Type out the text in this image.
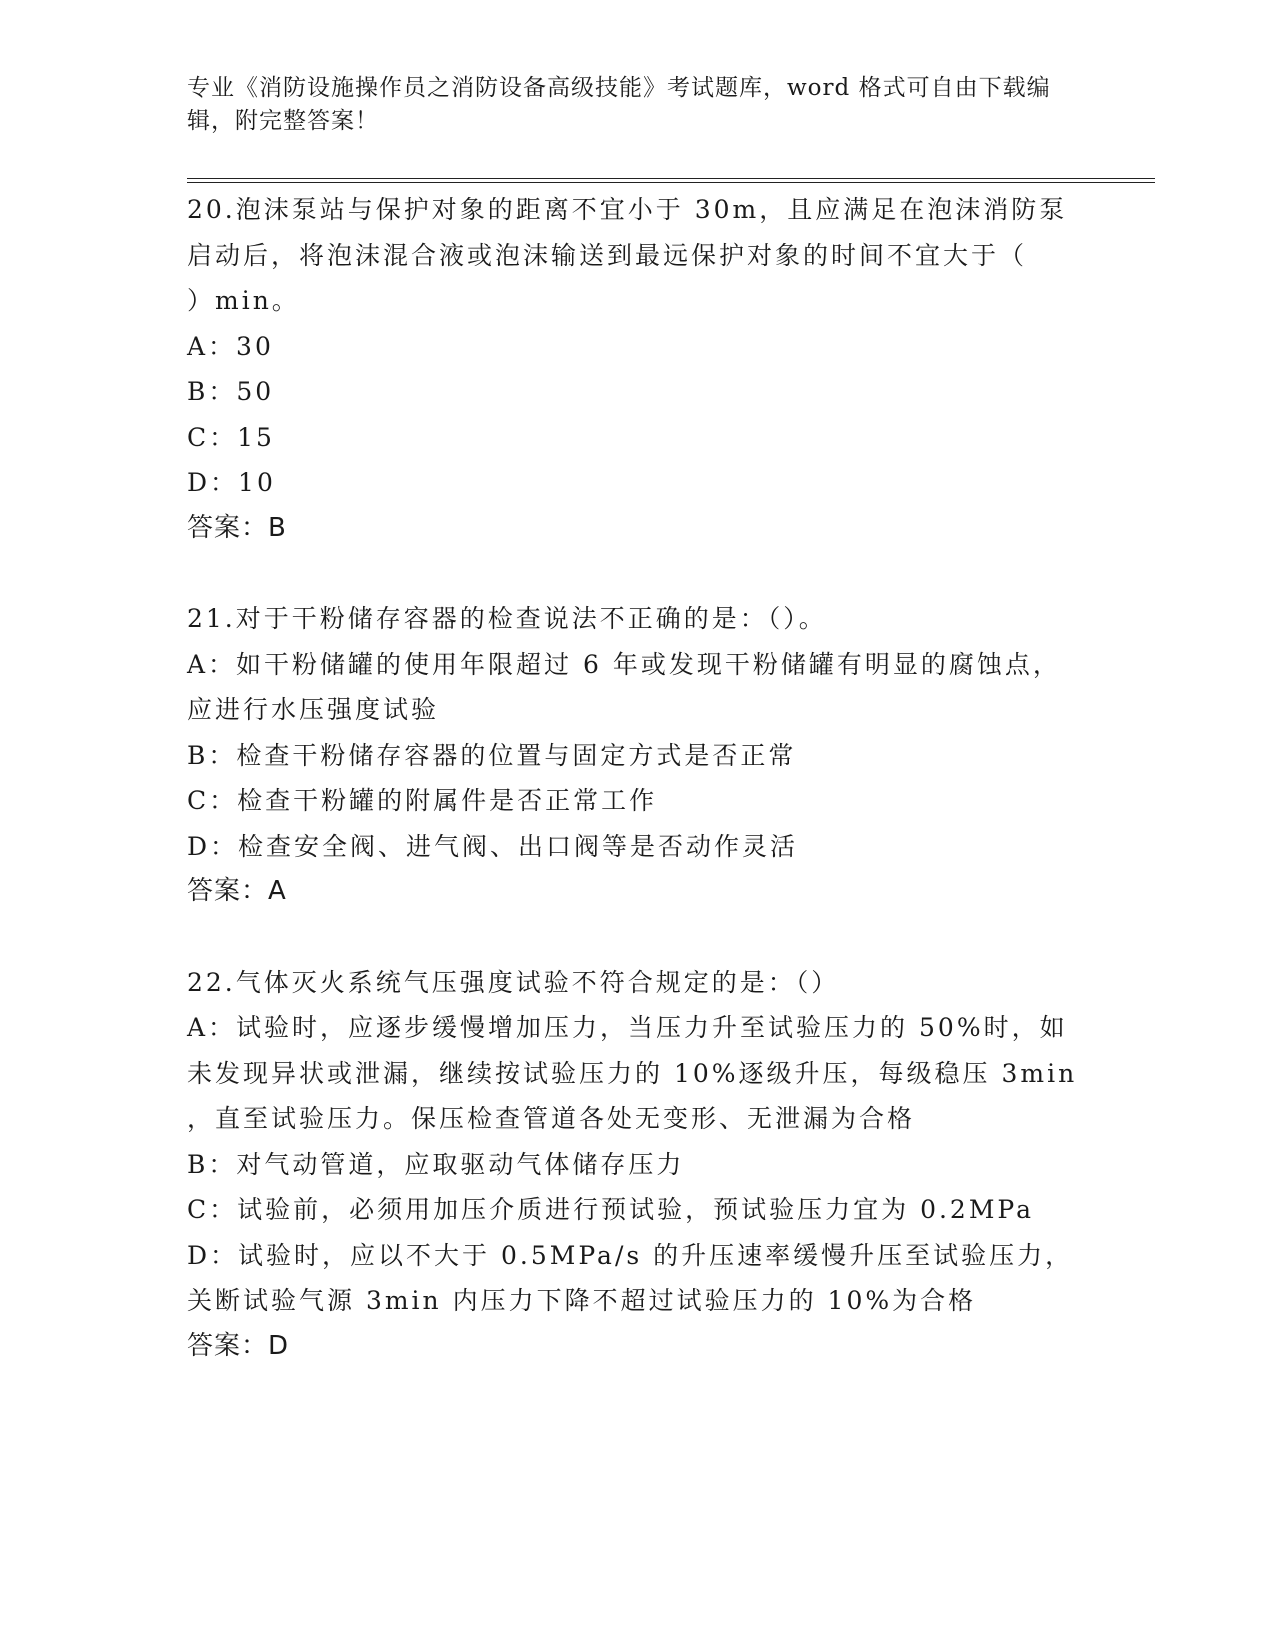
专业《消防设施操作员之消防设备高级技能》考试题库，word 格式可自由下载编
辑，附完整答案！
20.泡沫泵站与保护对象的距离不宜小于 30m，且应满足在泡沫消防泵
启动后，将泡沫混合液或泡沫输送到最远保护对象的时间不宜大于（
）min。
A：30
B：50
C：15
D：10
答案：B
21.对于干粉储存容器的检查说法不正确的是：（）。
A：如干粉储罐的使用年限超过 6 年或发现干粉储罐有明显的腐蚀点，
应进行水压强度试验
B：检查干粉储存容器的位置与固定方式是否正常
C：检查干粉罐的附属件是否正常工作
D：检查安全阀、进气阀、出口阀等是否动作灵活
答案：A
22.气体灭火系统气压强度试验不符合规定的是：（）
A：试验时，应逐步缓慢增加压力，当压力升至试验压力的 50%时，如
未发现异状或泄漏，继续按试验压力的 10%逐级升压，每级稳压 3min
，直至试验压力。保压检查管道各处无变形、无泄漏为合格
B：对气动管道，应取驱动气体储存压力
C：试验前，必须用加压介质进行预试验，预试验压力宜为 0.2MPa
D：试验时，应以不大于 0.5MPa/s 的升压速率缓慢升压至试验压力，
关断试验气源 3min 内压力下降不超过试验压力的 10%为合格
答案：D
